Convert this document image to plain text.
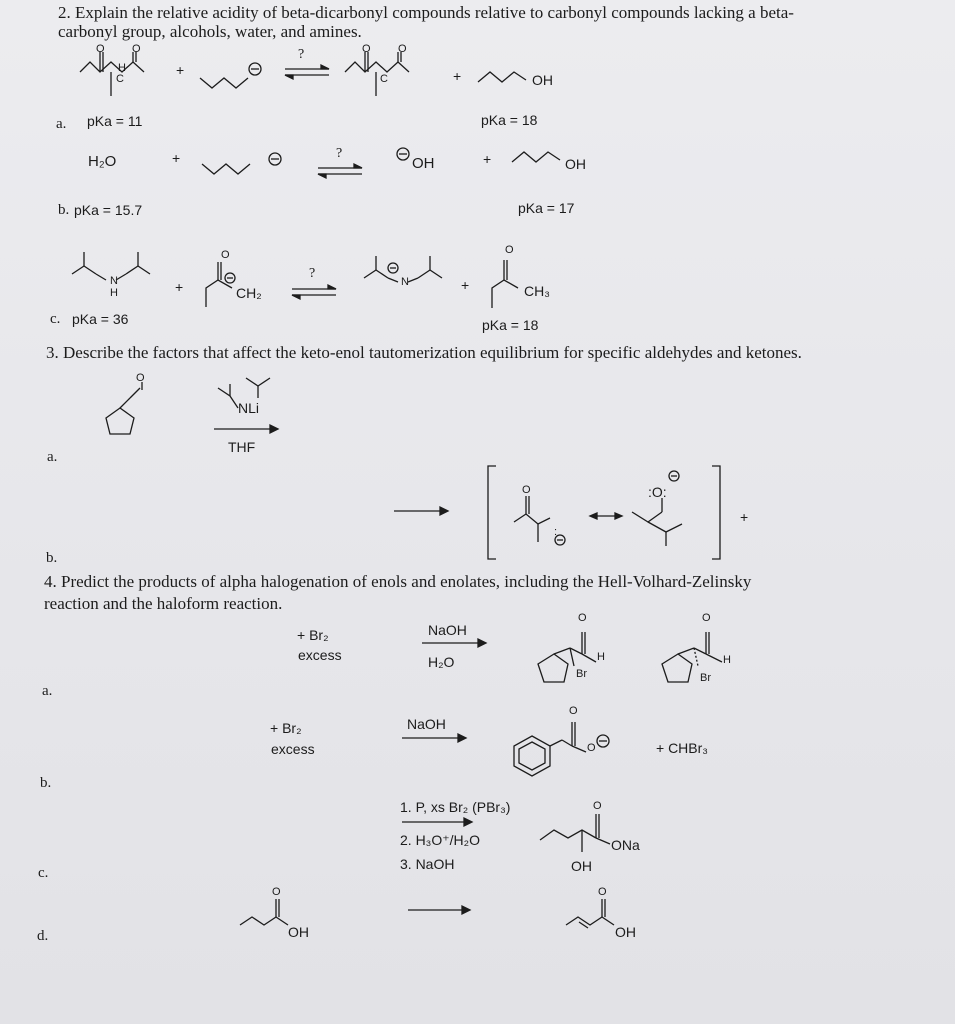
2. Explain the relative acidity of beta-dicarbonyl compounds relative to carbonyl compounds lacking a beta-
carbonyl group, alcohols, water, and amines.
O O
H
C
+
?	O O
C	+	OH
a. pKa = 11	pKa = 18
H₂O	+	?
OH	+	OH
b. pKa = 15.7	pKa = 17
N
H	+
O
CH₂
?
N	+
O
CH₃
c. pKa = 36	pKa = 18
3. Describe the factors that affect the keto-enol tautomerization equilibrium for specific aldehydes and ketones.
O
NLi
THF
a.
O
:
:O:
+
b.
4. Predict the products of alpha halogenation of enols and enolates, including the Hell-Volhard-Zelinsky
reaction and the haloform reaction.
+ Br₂
excess
NaOH
H₂O
a.
O
H
Br
O
H
Br
+ Br₂
excess
NaOH
O
O	+ CHBr₃
b.
1. P, xs Br₂ (PBr₃)
2. H₃O⁺/H₂O
3. NaOH
O
ONa
OH
c.
O
OH
O
OH
d.
